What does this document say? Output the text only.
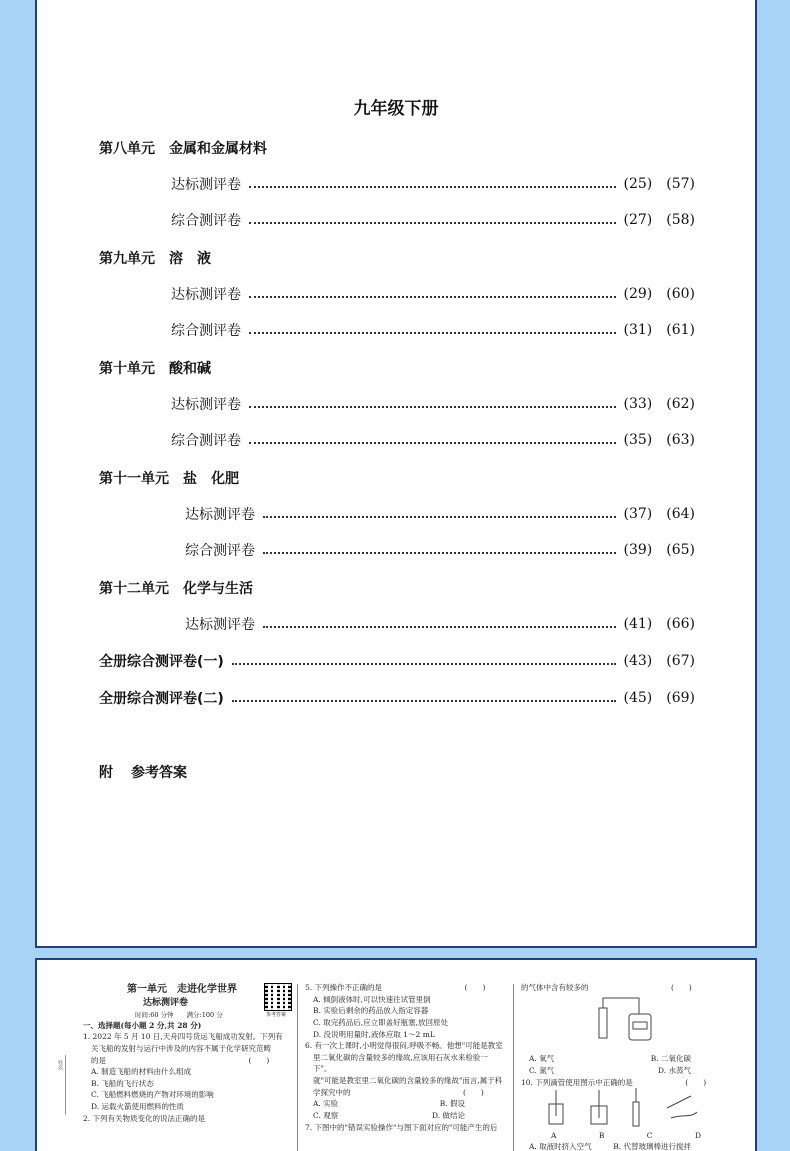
九年级下册
第八单元 金属和金属材料
达标测评卷	(25) (57)
综合测评卷	(27) (58)
第九单元 溶　液
达标测评卷	(29) (60)
综合测评卷	(31) (61)
第十单元 酸和碱
达标测评卷	(33) (62)
综合测评卷	(35) (63)
第十一单元 盐　化肥
达标测评卷	(37) (64)
综合测评卷	(39) (65)
第十二单元 化学与生活
达标测评卷	(41) (66)
全册综合测评卷(一)	(43) (67)
全册综合测评卷(二)	(45) (69)
附 参考答案
姓名
第一单元　走进化学世界
达标测评卷
时间:60 分钟　　满分:100 分	参考答案
一、选择题(每小题 2 分,共 28 分)
1. 2022 年 5 月 10 日,天舟四号货运飞船成功发射。下列有
关飞船的发射与运行中涉及的内容不属于化学研究范畴
的是　　　　　　　　　　　　　　　　　　　(　　)
A. 制造飞船的材料由什么组成
B. 飞船的飞行状态
C. 飞船燃料燃烧的产物对环境的影响
D. 运载火箭使用燃料的性质
2. 下列有关物质变化的说法正确的是
5. 下列操作不正确的是　　　　　　　　　　　(　　)
A. 倾倒液体时,可以快速往试管里倒
B. 实验后剩余的药品放入指定容器
C. 取完药品后,应立即盖好瓶塞,放回原处
D. 没说明用量时,液体应取 1～2 mL
6. 有一次上课时,小明觉得很闷,呼吸不畅。他想"可能是教室
里二氧化碳的含量较多的缘故,应该用石灰水来检验一下"。
就"可能是教室里二氧化碳的含量较多的缘故"而言,属于科
学探究中的　　　　　　　　　　　　　　　(　　)
A. 实验	B. 假设
C. 观察	D. 做结论
7. 下图中的"错误实验操作"与图下面对应的"可能产生的后
的气体中含有较多的　　　　　　　　　　　(　　)
A. 氧气	B. 二氧化碳
C. 氮气	D. 水蒸气
10. 下列滴管使用图示中正确的是　　　　　　　(　　)
A	B	C	D
A. 取液时挤入空气	B. 代替玻璃棒进行搅拌
